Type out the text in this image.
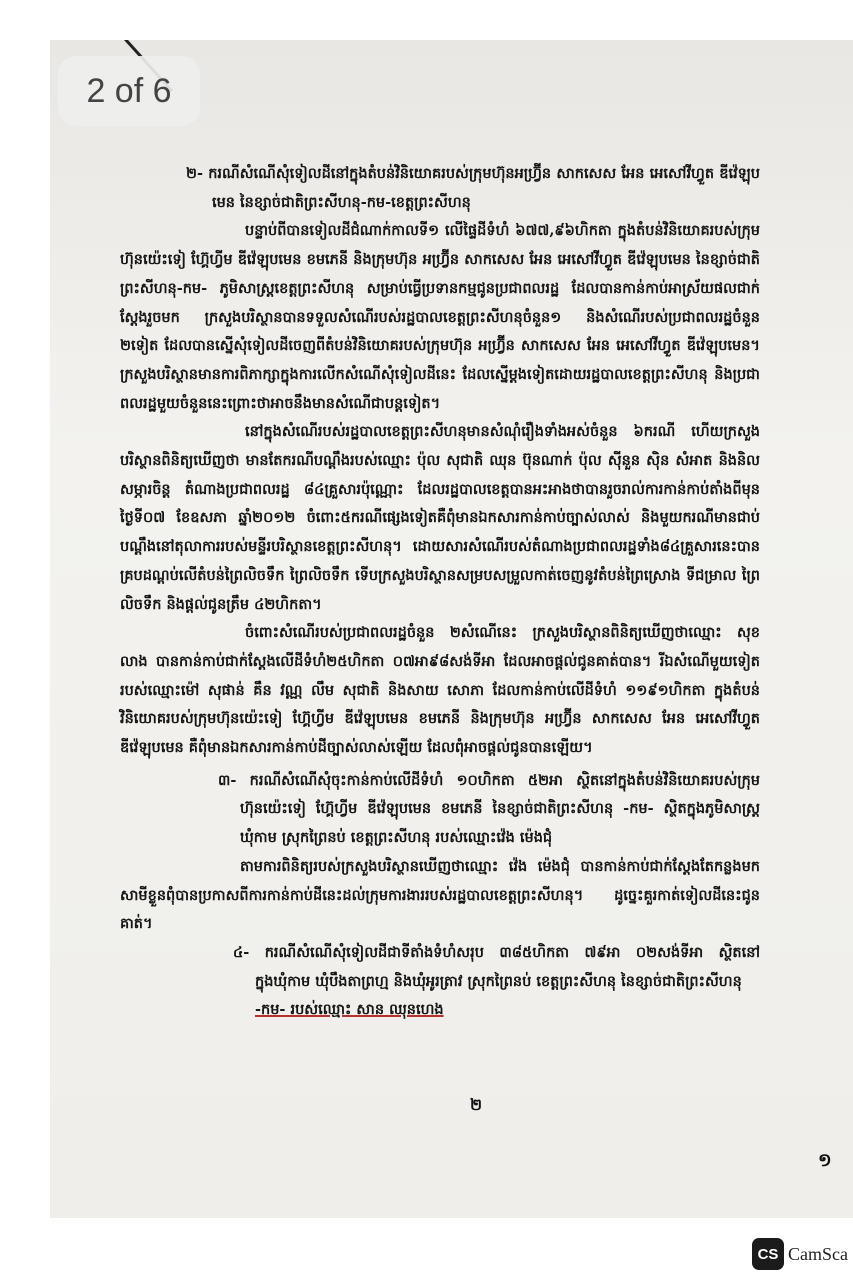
២- ករណីសំណើសុំទៀលដីនៅក្នុងតំបន់វិនិយោគរបស់ក្រុមហ៊ុនអហ្វ្រ៊ីន សាកសេស អែន អេសៅវីហ្វួត ឌីវ៉េឡុបមេន នៃខ្សាច់ជាតិព្រះសីហនុ-កម-ខេត្តព្រះសីហនុ

បន្ទាប់ពីបានទៀលដីជំណាក់កាលទី១ លើផ្ទៃដីទំហំ ៦៧៧,៩៦ហិកតា ក្នុងតំបន់វិនិយោគរបស់ក្រុមហ៊ុនយ៉េះទៀ ហ្គ៊ែហ្វីម ឌីវ៉េឡុបមេន ខមភេនី និងក្រុមហ៊ុន អហ្វ្រ៊ីន សាកសេស អែន អេសៅវីហ្វួត ឌីវ៉េឡុបមេន នៃខ្សាច់ជាតិព្រះសីហនុ-កម- ភូមិសាស្ត្រខេត្តព្រះសីហនុ សម្រាប់ធ្វើប្រទានកម្មជូនប្រជាពលរដ្ឋ ដែលបានកាន់កាប់អាស្រ័យផលជាក់ស្តែងរួចមក ក្រសួងបរិស្ថានបានទទួលសំណើរបស់រដ្ឋបាលខេត្តព្រះសីហនុចំនួន១ និងសំណើរបស់ប្រជាពលរដ្ឋចំនួន ២ទៀត ដែលបានស្នើសុំទៀលដីចេញពីតំបន់វិនិយោគរបស់ក្រុមហ៊ុន អហ្វ្រ៊ីន សាកសេស អែន អេសៅវីហ្វួត ឌីវ៉េឡុបមេន។ ក្រសួងបរិស្ថានមានការពិភាក្សាក្នុងការលើកសំណើសុំទៀលដីនេះ ដែលស្នើម្តងទៀតដោយរដ្ឋបាលខេត្តព្រះសីហនុ និងប្រជាពលរដ្ឋមួយចំនួននេះព្រោះថាអាចនឹងមានសំណើជាបន្តទៀត។

នៅក្នុងសំណើរបស់រដ្ឋបាលខេត្តព្រះសីហនុមានសំណុំរឿងទាំងអស់ចំនួន ៦ករណី ហើយក្រសួងបរិស្ថានពិនិត្យឃើញថា មានតែករណីបណ្តឹងរបស់ឈ្មោះ ប៉ុល សុជាតិ ឈុន ប៊ុនណាក់ ប៉ុល ស៊ីនួន ស៊ិន សំអាត និងនិល សម្ភារចិន្ត តំណាងប្រជាពលរដ្ឋ ៨៤គ្រួសារប៉ុណ្ណោះ ដែលរដ្ឋបាលខេត្តបានអះអាងថាបានរួចរាល់ការកាន់កាប់តាំងពីមុនថ្ងៃទី០៧ ខែឧសភា ឆ្នាំ២០១២ ចំពោះ៥ករណីផ្សេងទៀតគឺពុំមានឯកសារកាន់កាប់ច្បាស់លាស់ និងមួយករណីមានជាប់បណ្តឹងនៅតុលាការរបស់មន្ទីរបរិស្ថានខេត្តព្រះសីហនុ។ ដោយសារសំណើរបស់តំណាងប្រជាពលរដ្ឋទាំង៨៤គ្រួសារនេះបានគ្របដណ្តប់លើតំបន់ព្រៃលិចទឹក ព្រៃលិចទឹក ទើបក្រសួងបរិស្ថានសម្របសម្រួលកាត់ចេញនូវតំបន់ព្រៃស្រោង ទីជម្រាល ព្រៃលិចទឹក និងផ្តល់ជូនត្រឹម ៤២ហិកតា។

ចំពោះសំណើរបស់ប្រជាពលរដ្ឋចំនួន ២សំណើនេះ ក្រសួងបរិស្ថានពិនិត្យឃើញថាឈ្មោះ សុខ លាង បានកាន់កាប់ជាក់ស្តែងលើដីទំហំ២៥ហិកតា ០៧អា៩៨សង់ទីអា ដែលអាចផ្តល់ជូនគាត់បាន។ រីឯសំណើមួយទៀតរបស់ឈ្មោះម៉ៅ សុផាន់ គឹន វណ្ណ លឹម សុជាតិ និងសាយ សោភា ដែលកាន់កាប់លើដីទំហំ ១១៩១ហិកតា ក្នុងតំបន់វិនិយោគរបស់ក្រុមហ៊ុនយ៉េះទៀ ហ្គ៊ែហ្វីម ឌីវ៉េឡុបមេន ខមភេនី និងក្រុមហ៊ុន អហ្វ្រ៊ីន សាកសេស អែន អេសៅវីហ្វួត ឌីវ៉េឡុបមេន គឺពុំមានឯកសារកាន់កាប់ដីច្បាស់លាស់ឡើយ ដែលពុំអាចផ្តល់ជូនបានឡើយ។

៣- ករណីសំណើសុំចុះកាន់កាប់លើដីទំហំ ១០ហិកតា ៥២អា ស្ថិតនៅក្នុងតំបន់វិនិយោគរបស់ក្រុមហ៊ុនយ៉េះទៀ ហ្គ៊ែហ្វីម ឌីវ៉េឡុបមេន ខមភេនី នៃខ្សាច់ជាតិព្រះសីហនុ -កម- ស្ថិតក្នុងភូមិសាស្ត្រឃុំកាម ស្រុកព្រៃនប់ ខេត្តព្រះសីហនុ របស់ឈ្មោះវ៉េង ម៉េងជុំ

តាមការពិនិត្យរបស់ក្រសួងបរិស្ថានឃើញថាឈ្មោះ វ៉េង ម៉េងជុំ បានកាន់កាប់ជាក់ស្តែងតែកន្លងមកសាមីខ្លួនពុំបានប្រកាសពីការកាន់កាប់ដីនេះដល់ក្រុមការងាររបស់រដ្ឋបាលខេត្តព្រះសីហនុ។ ដូច្នេះគួរកាត់ទៀលដីនេះជូនគាត់។

៤- ករណីសំណើសុំទៀលដីជាទីតាំងទំហំសរុប ៣៨៥ហិកតា ៧៩អា ០២សង់ទីអា ស្ថិតនៅក្នុងឃុំកាម ឃុំបឹងតាព្រហ្ម និងឃុំអូរត្រាវ ស្រុកព្រៃនប់ ខេត្តព្រះសីហនុ នៃខ្សាច់ជាតិព្រះសីហនុ

-កម- របស់ឈ្មោះ សាន ឈុនហេង

២
១
2 of 6
CS CamSca
